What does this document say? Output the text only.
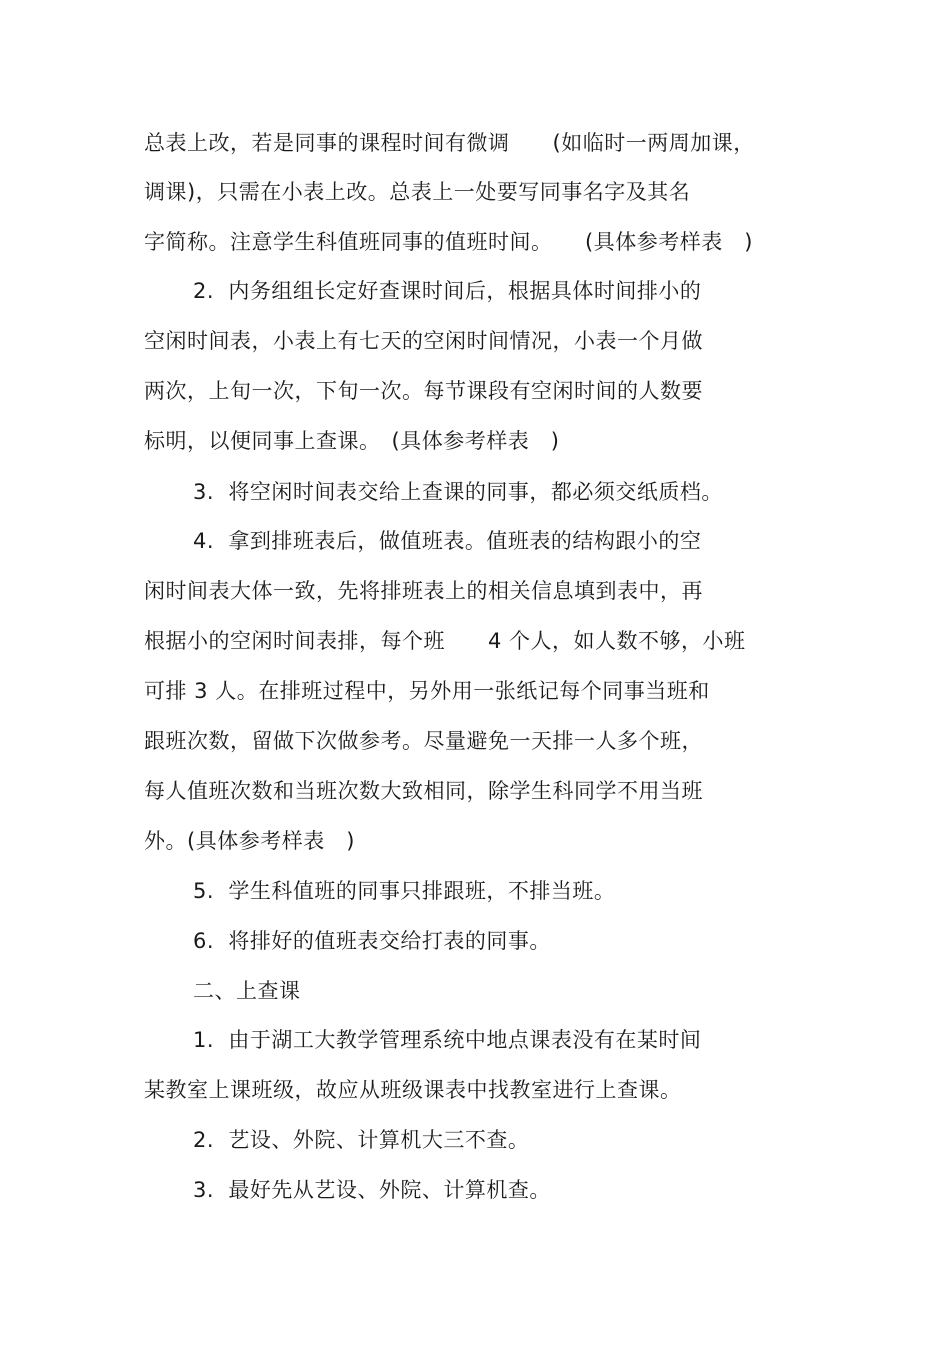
总表上改，若是同事的课程时间有微调　　(如临时一两周加课，
调课)，只需在小表上改。总表上一处要写同事名字及其名
字简称。注意学生科值班同事的值班时间。　　(具体参考样表　)
2.  内务组组长定好查课时间后，根据具体时间排小的
空闲时间表，小表上有七天的空闲时间情况，小表一个月做
两次，上旬一次，下旬一次。每节课段有空闲时间的人数要
标明，以便同事上查课。　(具体参考样表　)
3.  将空闲时间表交给上查课的同事，都必须交纸质档。
4.  拿到排班表后，做值班表。值班表的结构跟小的空
闲时间表大体一致，先将排班表上的相关信息填到表中，再
根据小的空闲时间表排，每个班　　4 个人，如人数不够，小班
可排 3 人。在排班过程中，另外用一张纸记每个同事当班和
跟班次数，留做下次做参考。尽量避免一天排一人多个班，
每人值班次数和当班次数大致相同，除学生科同学不用当班
外。(具体参考样表　)
5.  学生科值班的同事只排跟班，不排当班。
6.  将排好的值班表交给打表的同事。
二、上查课
1.  由于湖工大教学管理系统中地点课表没有在某时间
某教室上课班级，故应从班级课表中找教室进行上查课。
2.  艺设、外院、计算机大三不查。
3.  最好先从艺设、外院、计算机查。
